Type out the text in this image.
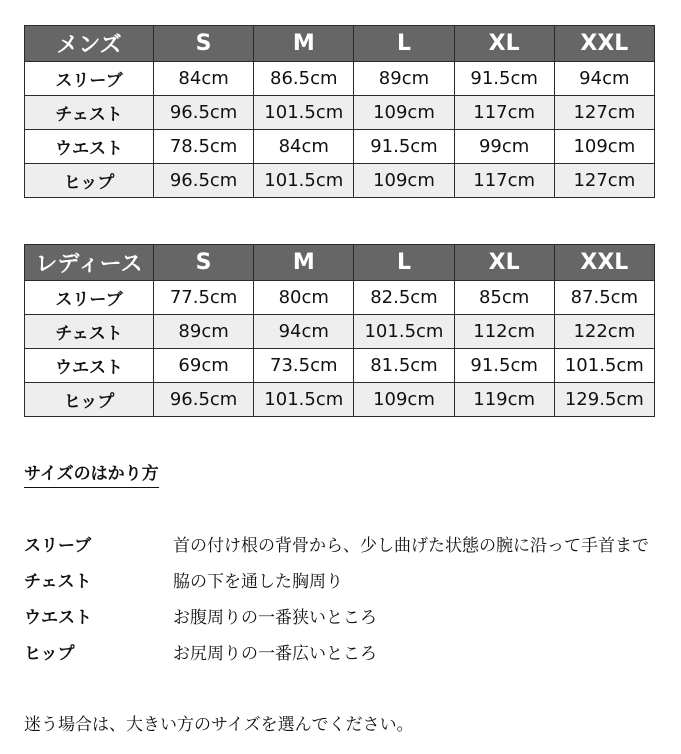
メンズ	S	M	L	XL	XXL
スリーブ	84cm	86.5cm	89cm	91.5cm	94cm
チェスト	96.5cm	101.5cm	109cm	117cm	127cm
ウエスト	78.5cm	84cm	91.5cm	99cm	109cm
ヒップ	96.5cm	101.5cm	109cm	117cm	127cm
レディース	S	M	L	XL	XXL
スリーブ	77.5cm	80cm	82.5cm	85cm	87.5cm
チェスト	89cm	94cm	101.5cm	112cm	122cm
ウエスト	69cm	73.5cm	81.5cm	91.5cm	101.5cm
ヒップ	96.5cm	101.5cm	109cm	119cm	129.5cm
サイズのはかり方
スリーブ	首の付け根の背骨から、少し曲げた状態の腕に沿って手首まで
チェスト	脇の下を通した胸周り
ウエスト	お腹周りの一番狭いところ
ヒップ	お尻周りの一番広いところ
迷う場合は、大きい方のサイズを選んでください。
